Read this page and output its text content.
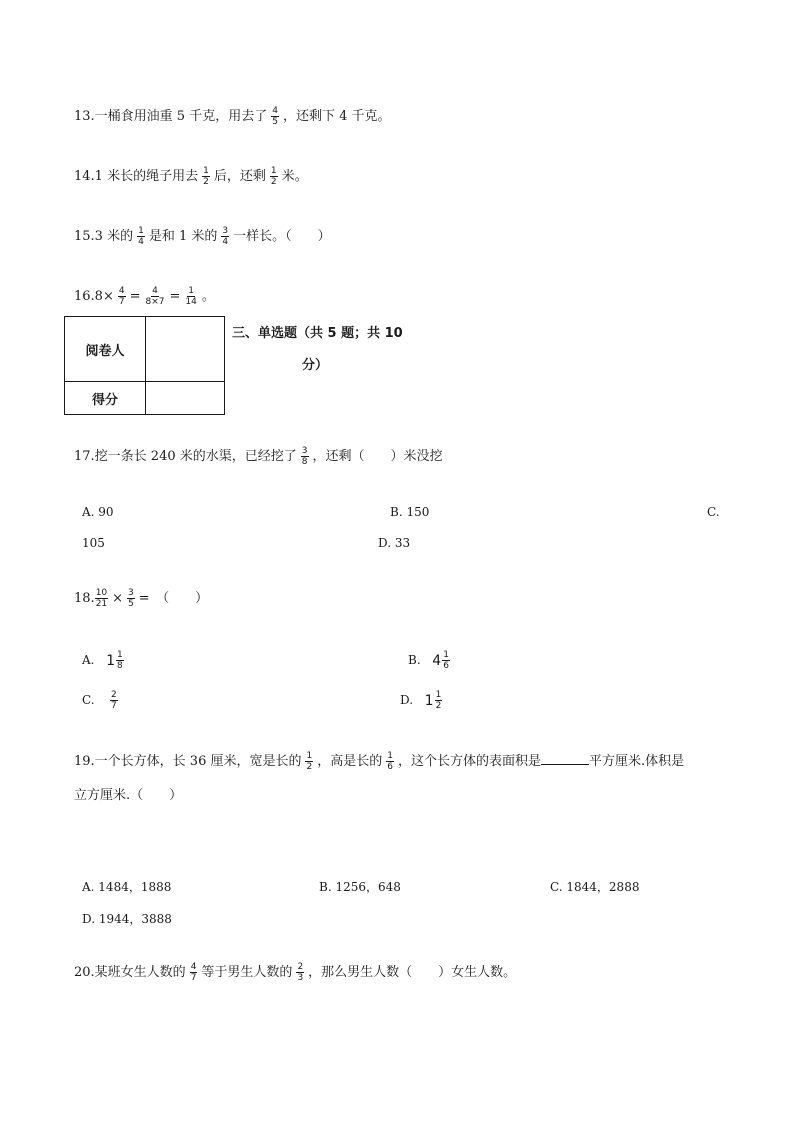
13.一桶食用油重 5 千克，用去了 $\frac{4}{5}$ ，还剩下 4 千克。
14.1 米长的绳子用去 $\frac{1}{2}$ 后，还剩 $\frac{1}{2}$ 米。
15.3 米的 $\frac{1}{4}$ 是和 1 米的 $\frac{3}{4}$ 一样长。（　　）
$16.8\times \frac{4}{7} = \frac{4}{8\times 7} = \frac{1}{14}$ 。
阅卷人	
得分	
三、单选题（共 5 题；共 10
分）
17.挖一条长 240 米的水渠，已经挖了 $\frac{3}{8}$ ，还剩（　　）米没挖
A. 90	B. 150	C.
105	D. 33
18. $\frac{10}{21} \times \frac{3}{5}$ =　（　　）
A. $1 \frac{1}{8}$	B. $4 \frac{1}{6}$
C. $\frac{2}{7}$	D. $1 \frac{1}{2}$
19.一个长方体，长 36 厘米，宽是长的 $\frac{1}{2}$ ，高是长的 $\frac{1}{6}$ ，这个长方体的表面积是	平方厘米.体积是
立方厘米.（　　）
A. 1484，1888	B. 1256，648	C. 1844，2888
D. 1944，3888
20.某班女生人数的 $\frac{4}{7}$ 等于男生人数的 $\frac{2}{3}$ ，那么男生人数（　　）女生人数。
